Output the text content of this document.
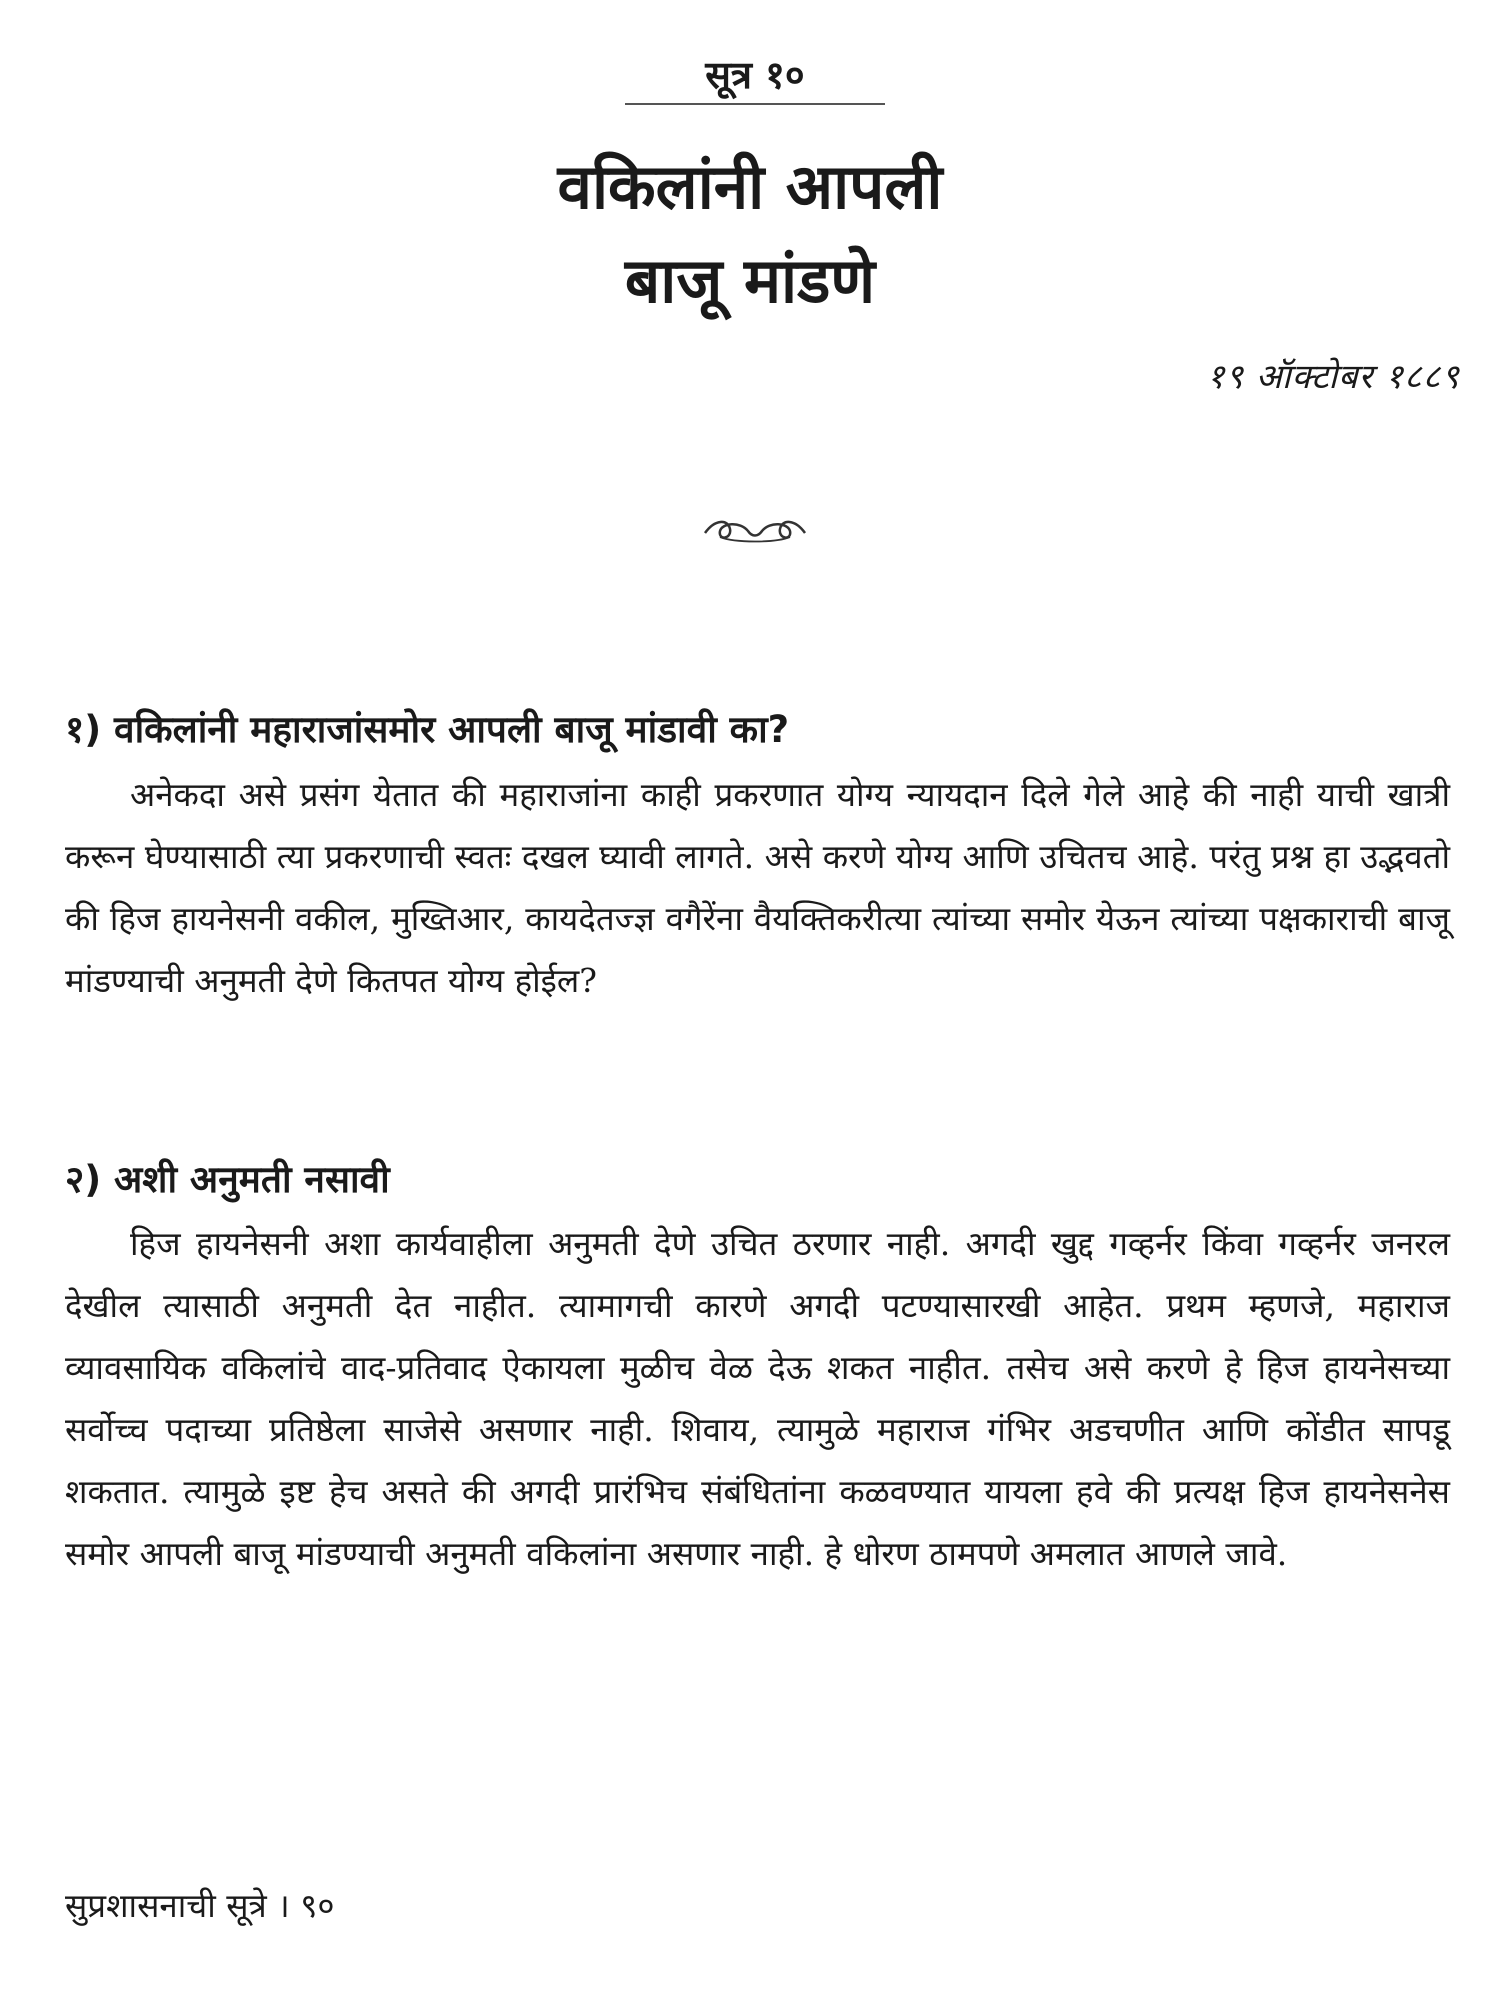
सूत्र १०
वकिलांनी आपली
बाजू मांडणे
१९ ऑक्टोबर १८८९
१) वकिलांनी महाराजांसमोर आपली बाजू मांडावी का?
अनेकदा असे प्रसंग येतात की महाराजांना काही प्रकरणात योग्य न्यायदान दिले गेले आहे की नाही याची खात्री करून घेण्यासाठी त्या प्रकरणाची स्वतः दखल घ्यावी लागते. असे करणे योग्य आणि उचितच आहे. परंतु प्रश्न हा उद्भवतो की हिज हायनेसनी वकील, मुख्तिआर, कायदेतज्ज्ञ वगैरेंना वैयक्तिकरीत्या त्यांच्या समोर येऊन त्यांच्या पक्षकाराची बाजू मांडण्याची अनुमती देणे कितपत योग्य होईल?
२) अशी अनुमती नसावी
हिज हायनेसनी अशा कार्यवाहीला अनुमती देणे उचित ठरणार नाही. अगदी खुद्द गव्हर्नर किंवा गव्हर्नर जनरल देखील त्यासाठी अनुमती देत नाहीत. त्यामागची कारणे अगदी पटण्यासारखी आहेत. प्रथम म्हणजे, महाराज व्यावसायिक वकिलांचे वाद-प्रतिवाद ऐकायला मुळीच वेळ देऊ शकत नाहीत. तसेच असे करणे हे हिज हायनेसच्या सर्वोच्च पदाच्या प्रतिष्ठेला साजेसे असणार नाही. शिवाय, त्यामुळे महाराज गंभिर अडचणीत आणि कोंडीत सापडू शकतात. त्यामुळे इष्ट हेच असते की अगदी प्रारंभिच संबंधितांना कळवण्यात यायला हवे की प्रत्यक्ष हिज हायनेसनेस समोर आपली बाजू मांडण्याची अनुमती वकिलांना असणार नाही. हे धोरण ठामपणे अमलात आणले जावे.
सुप्रशासनाची सूत्रे । ९०
